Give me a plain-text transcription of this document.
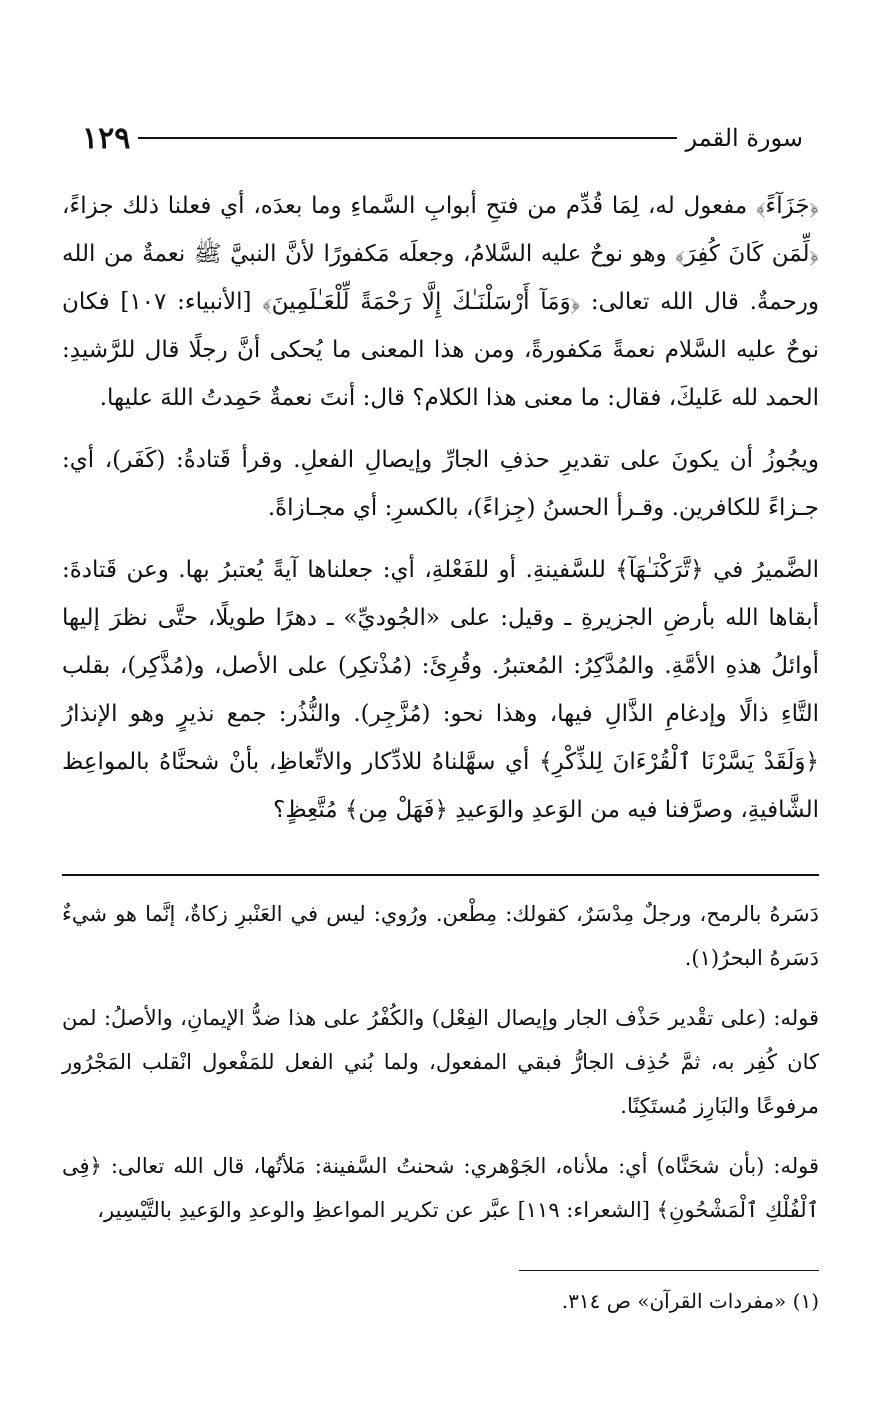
سورة القمر
١٢٩

﴿جَزَآءً﴾ مفعول له، لِمَا قُدِّم من فتحِ أبوابِ السَّماءِ وما بعدَه، أي فعلنا ذلك جزاءً، ﴿لِّمَن كَانَ كُفِرَ﴾ وهو نوحٌ عليه السَّلامُ، وجعلَه مَكفورًا لأنَّ النبيَّ ﷺ نعمةٌ من الله ورحمةٌ. قال الله تعالى: ﴿وَمَآ أَرْسَلْنَـٰكَ إِلَّا رَحْمَةً لِّلْعَـٰلَمِينَ﴾ [الأنبياء: ١٠٧] فكان نوحٌ عليه السَّلام نعمةً مَكفورةً، ومن هذا المعنى ما يُحكى أنَّ رجلًا قال للرَّشيدِ: الحمد لله عَليكَ، فقال: ما معنى هذا الكلام؟ قال: أنتَ نعمةٌ حَمِدتُ اللهَ عليها.

ويجُوزُ أن يكونَ على تقديرِ حذفِ الجارِّ وإيصالِ الفعلِ. وقرأ قَتادةُ: (كَفَر)، أي: جـزاءً للكافرين. وقـرأ الحسنُ (جِزاءً)، بالكسرِ: أي مجـازاةً.

الضَّميرُ في ﴿تَّرَكْنَـٰهَآ﴾ للسَّفينةِ. أو للفَعْلةِ، أي: جعلناها آيةً يُعتبرُ بها. وعن قَتادةَ: أبقاها الله بأرضِ الجزيرةِ ـ وقيل: على «الجُوديِّ» ـ دهرًا طويلًا، حتَّى نظرَ إليها أوائلُ هذهِ الأمَّةِ. والمُدَّكِرُ: المُعتبرُ. وقُرِئَ: (مُذْتكِر) على الأصل، و(مُذَّكِر)، بقلب التَّاءِ ذالًا وإدغامِ الذَّالِ فيها، وهذا نحو: (مُزَّجِر). والنُّذُر: جمع نذيرٍ وهو الإنذارُ ﴿وَلَقَدْ يَسَّرْنَا ٱلْقُرْءَانَ لِلذِّكْرِ﴾ أي سهَّلناهُ للادِّكار والاتِّعاظِ، بأنْ شحنَّاهُ بالمواعِظ الشَّافيةِ، وصرَّفنا فيه من الوَعدِ والوَعيدِ ﴿فَهَلْ مِن﴾ مُتَّعِظٍ؟

دَسَرهُ بالرمح، ورجلٌ مِدْسَرٌ، كقولك: مِطْعن. ورُوي: ليس في العَنْبرِ زكاةٌ، إنَّما هو شيءٌ دَسَرهُ البحرُ(١).

قوله: (على تقْدير حَذْف الجار وإيصال الفِعْل) والكُفْرُ على هذا ضدُّ الإيمانِ، والأصلُ: لمن كان كُفِر به، ثمَّ حُذِف الجارُّ فبقي المفعول، ولما بُني الفعل للمَفْعول انْقلب المَجْرُور مرفوعًا والبَارِز مُستَكِنًا.

قوله: (بأن شحَنَّاه) أي: ملأناه، الجَوْهري: شحنتُ السَّفينة: مَلأتُها، قال الله تعالى: ﴿فِى ٱلْفُلْكِ ٱلْمَشْحُونِ﴾ [الشعراء: ١١٩] عبَّر عن تكرير المواعظِ والوعدِ والوَعيدِ بالتَّيْسِير،

(١) «مفردات القرآن» ص ٣١٤.
